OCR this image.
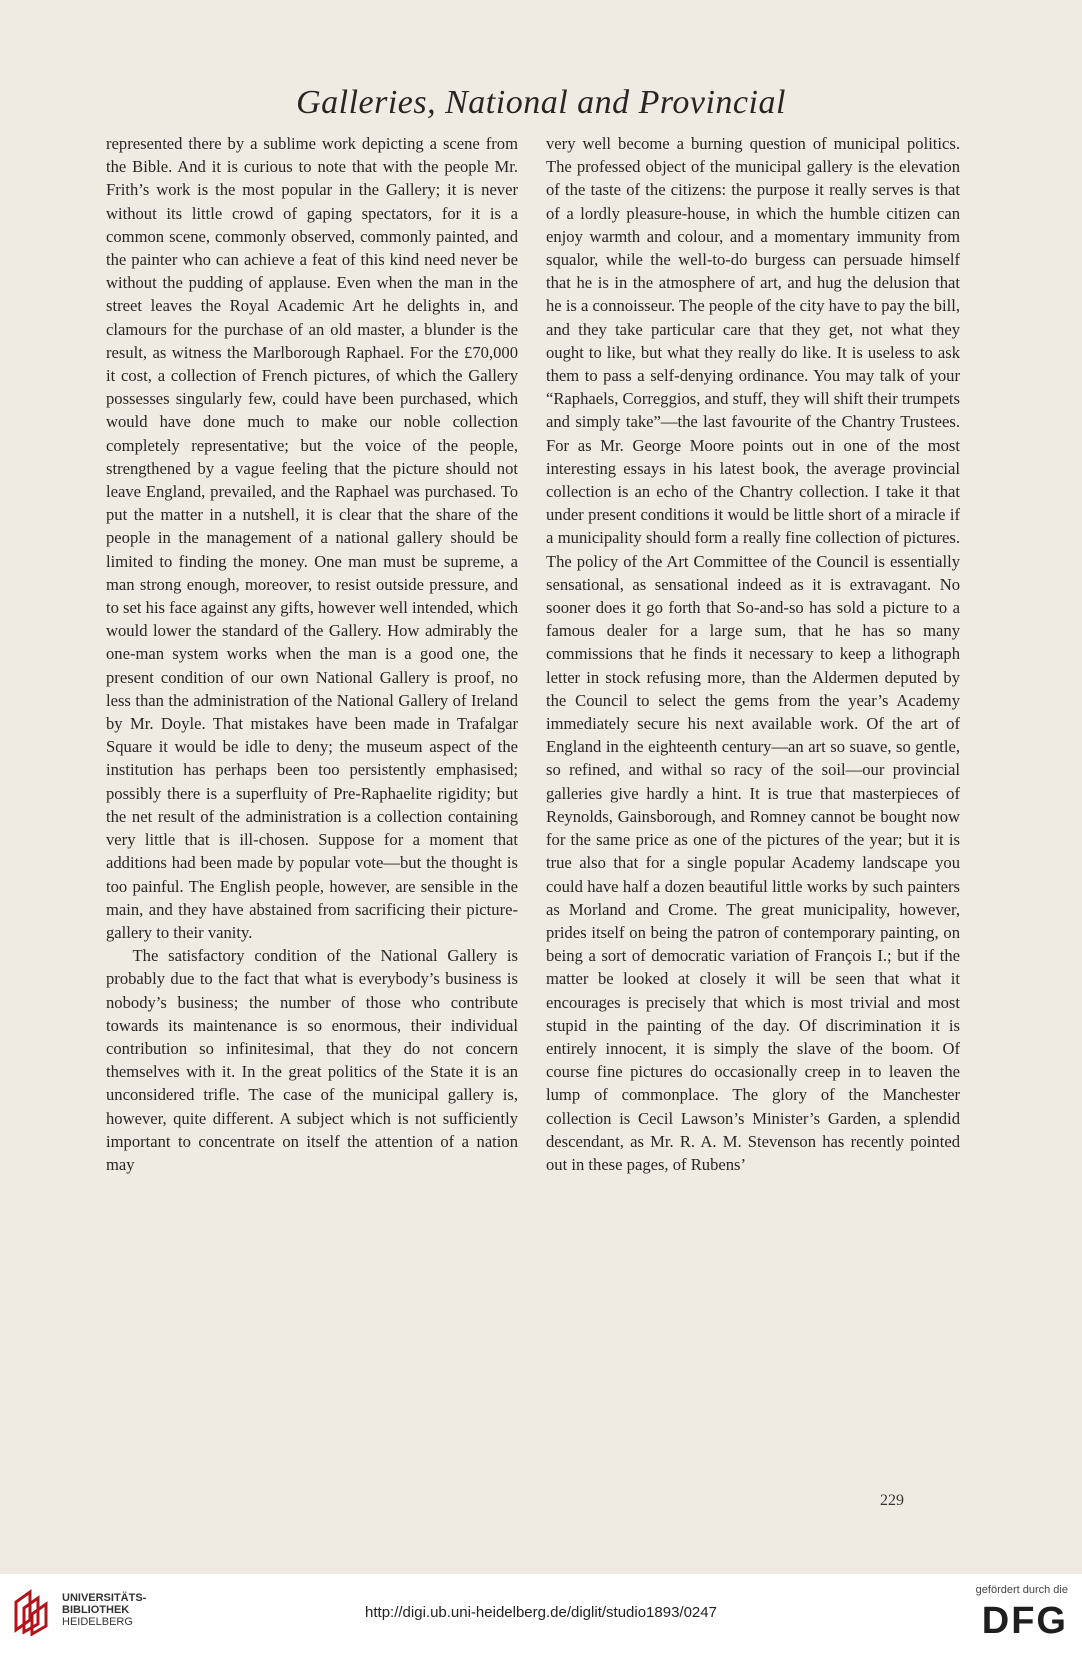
Galleries, National and Provincial

represented there by a sublime work depicting a scene from the Bible. And it is curious to note that with the people Mr. Frith’s work is the most popular in the Gallery; it is never without its little crowd of gaping spectators, for it is a common scene, commonly observed, commonly painted, and the painter who can achieve a feat of this kind need never be without the pudding of applause. Even when the man in the street leaves the Royal Academic Art he delights in, and clamours for the purchase of an old master, a blunder is the result, as witness the Marlborough Raphael. For the £70,000 it cost, a collection of French pictures, of which the Gallery possesses singularly few, could have been purchased, which would have done much to make our noble collection completely representative; but the voice of the people, strengthened by a vague feeling that the picture should not leave England, prevailed, and the Raphael was purchased. To put the matter in a nutshell, it is clear that the share of the people in the management of a national gallery should be limited to finding the money. One man must be supreme, a man strong enough, moreover, to resist outside pressure, and to set his face against any gifts, however well intended, which would lower the standard of the Gallery. How admirably the one-man system works when the man is a good one, the present condition of our own National Gallery is proof, no less than the administration of the National Gallery of Ireland by Mr. Doyle. That mistakes have been made in Trafalgar Square it would be idle to deny; the museum aspect of the institution has perhaps been too persistently emphasised; possibly there is a superfluity of Pre-Raphaelite rigidity; but the net result of the administration is a collection containing very little that is ill-chosen. Suppose for a moment that additions had been made by popular vote—but the thought is too painful. The English people, however, are sensible in the main, and they have abstained from sacrificing their picture-gallery to their vanity.

The satisfactory condition of the National Gallery is probably due to the fact that what is everybody’s business is nobody’s business; the number of those who contribute towards its maintenance is so enormous, their individual contribution so infinitesimal, that they do not concern themselves with it. In the great politics of the State it is an unconsidered trifle. The case of the municipal gallery is, however, quite different. A subject which is not sufficiently important to concentrate on itself the attention of a nation may

very well become a burning question of municipal politics. The professed object of the municipal gallery is the elevation of the taste of the citizens: the purpose it really serves is that of a lordly pleasure-house, in which the humble citizen can enjoy warmth and colour, and a momentary immunity from squalor, while the well-to-do burgess can persuade himself that he is in the atmosphere of art, and hug the delusion that he is a connoisseur. The people of the city have to pay the bill, and they take particular care that they get, not what they ought to like, but what they really do like. It is useless to ask them to pass a self-denying ordinance. You may talk of your “Raphaels, Correggios, and stuff, they will shift their trumpets and simply take”—the last favourite of the Chantry Trustees. For as Mr. George Moore points out in one of the most interesting essays in his latest book, the average provincial collection is an echo of the Chantry collection. I take it that under present conditions it would be little short of a miracle if a municipality should form a really fine collection of pictures. The policy of the Art Committee of the Council is essentially sensational, as sensational indeed as it is extravagant. No sooner does it go forth that So-and-so has sold a picture to a famous dealer for a large sum, that he has so many commissions that he finds it necessary to keep a lithograph letter in stock refusing more, than the Aldermen deputed by the Council to select the gems from the year’s Academy immediately secure his next available work. Of the art of England in the eighteenth century—an art so suave, so gentle, so refined, and withal so racy of the soil—our provincial galleries give hardly a hint. It is true that masterpieces of Reynolds, Gainsborough, and Romney cannot be bought now for the same price as one of the pictures of the year; but it is true also that for a single popular Academy landscape you could have half a dozen beautiful little works by such painters as Morland and Crome. The great municipality, however, prides itself on being the patron of contemporary painting, on being a sort of democratic variation of François I.; but if the matter be looked at closely it will be seen that what it encourages is precisely that which is most trivial and most stupid in the painting of the day. Of discrimination it is entirely innocent, it is simply the slave of the boom. Of course fine pictures do occasionally creep in to leaven the lump of commonplace. The glory of the Manchester collection is Cecil Lawson’s Minister’s Garden, a splendid descendant, as Mr. R. A. M. Stevenson has recently pointed out in these pages, of Rubens’

229
UNIVERSITÄTS-
BIBLIOTHEK
HEIDELBERG
http://digi.ub.uni-heidelberg.de/diglit/studio1893/0247
gefördert durch die
DFG
